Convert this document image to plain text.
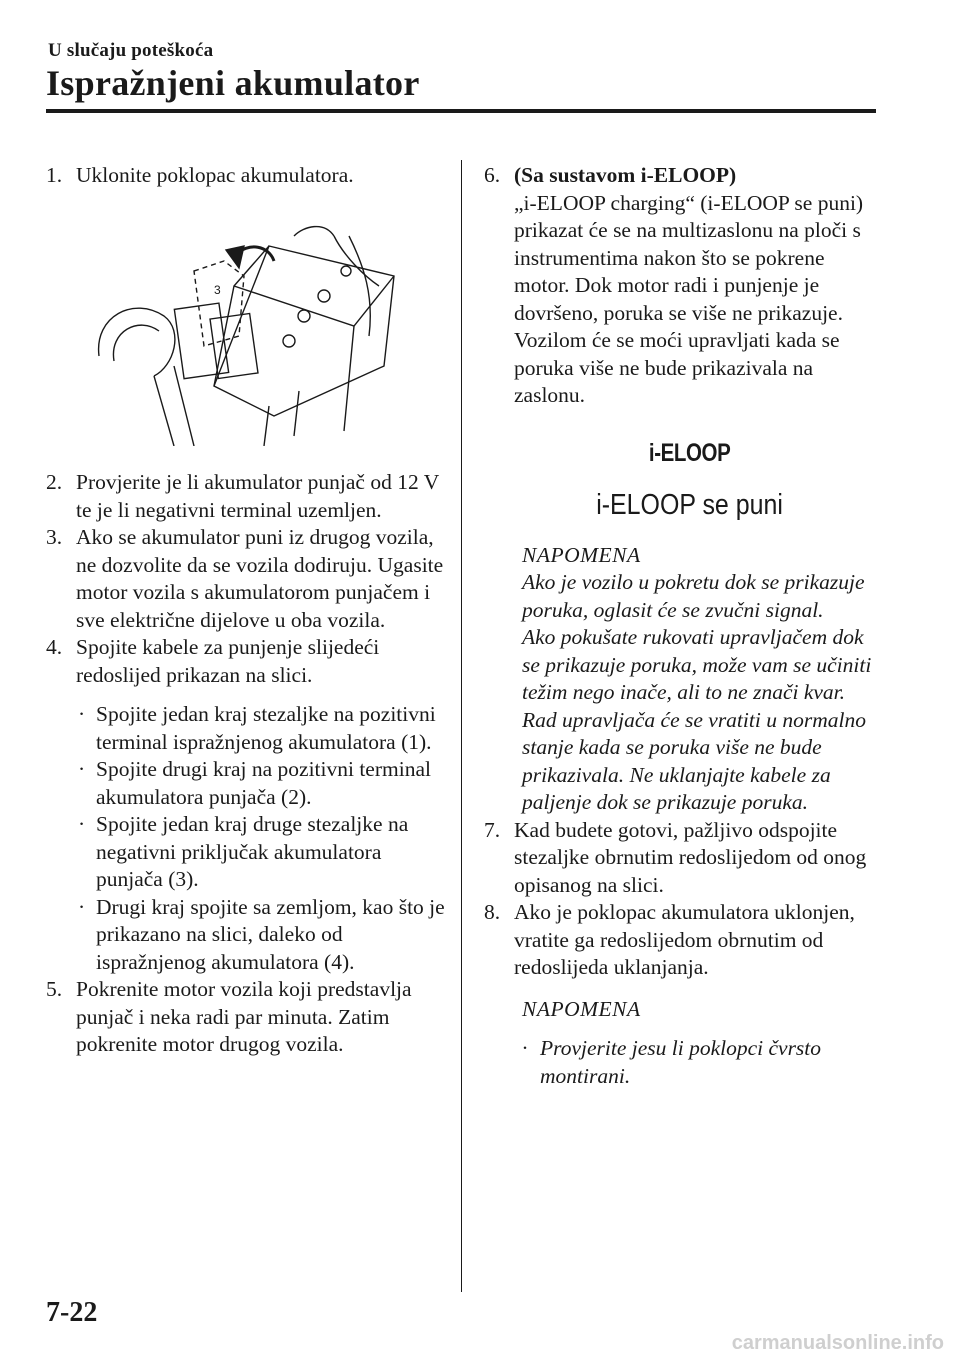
U slučaju poteškoća
Ispražnjeni akumulator
1. Uklonite poklopac akumulatora.
3
2. Provjerite je li akumulator punjač od 12 V te je li negativni terminal uzemljen.
3. Ako se akumulator puni iz drugog vozila, ne dozvolite da se vozila dodiruju. Ugasite motor vozila s akumulatorom punjačem i sve električne dijelove u oba vozila.
4. Spojite kabele za punjenje slijedeći redoslijed prikazan na slici.
· Spojite jedan kraj stezaljke na pozitivni terminal ispražnjenog akumulatora (1).
· Spojite drugi kraj na pozitivni terminal akumulatora punjača (2).
· Spojite jedan kraj druge stezaljke na negativni priključak akumulatora punjača (3).
· Drugi kraj spojite sa zemljom, kao što je prikazano na slici, daleko od ispražnjenog akumulatora (4).
5. Pokrenite motor vozila koji predstavlja punjač i neka radi par minuta. Zatim pokrenite motor drugog vozila.
6. (Sa sustavom i-ELOOP)
„i-ELOOP charging“ (i-ELOOP se puni) prikazat će se na multizaslonu na ploči s instrumentima nakon što se pokrene motor. Dok motor radi i punjenje je dovršeno, poruka se više ne prikazuje. Vozilom će se moći upravljati kada se poruka više ne bude prikazivala na zaslonu.
i-ELOOP
i-ELOOP se puni
NAPOMENA
Ako je vozilo u pokretu dok se prikazuje poruka, oglasit će se zvučni signal.
Ako pokušate rukovati upravljačem dok se prikazuje poruka, može vam se učiniti težim nego inače, ali to ne znači kvar. Rad upravljača će se vratiti u normalno stanje kada se poruka više ne bude prikazivala. Ne uklanjajte kabele za paljenje dok se prikazuje poruka.
7. Kad budete gotovi, pažljivo odspojite stezaljke obrnutim redoslijedom od onog opisanog na slici.
8. Ako je poklopac akumulatora uklonjen, vratite ga redoslijedom obrnutim od redoslijeda uklanjanja.
NAPOMENA
· Provjerite jesu li poklopci čvrsto montirani.
7-22
carmanualsonline.info
